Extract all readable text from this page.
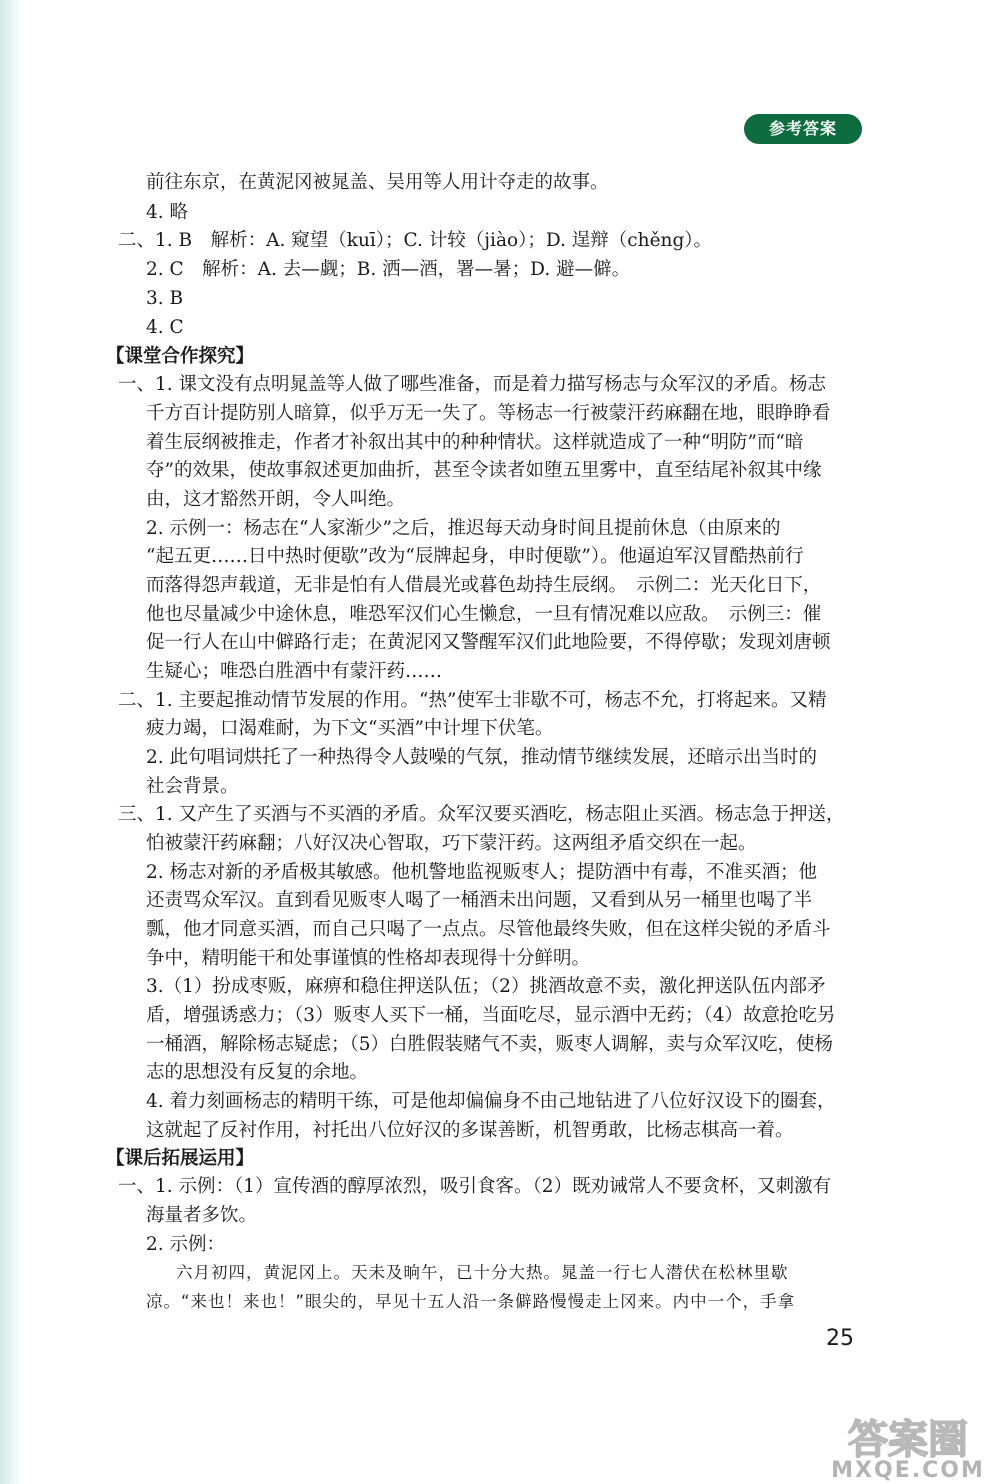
参考答案
前往东京，在黄泥冈被晁盖、吴用等人用计夺走的故事。
4. 略
二、1. B　解析：A. 窥望（kuī）；C. 计较（jiào）；D. 逞辩（chěng）。
2. C　解析：A. 去—觑；B. 洒—酒，署—暑；D. 避—僻。
3. B
4. C
【课堂合作探究】
一、1. 课文没有点明晁盖等人做了哪些准备，而是着力描写杨志与众军汉的矛盾。杨志
千方百计提防别人暗算，似乎万无一失了。等杨志一行被蒙汗药麻翻在地，眼睁睁看
着生辰纲被推走，作者才补叙出其中的种种情状。这样就造成了一种“明防”而“暗
夺”的效果，使故事叙述更加曲折，甚至令读者如堕五里雾中，直至结尾补叙其中缘
由，这才豁然开朗，令人叫绝。
2. 示例一：杨志在“人家渐少”之后，推迟每天动身时间且提前休息（由原来的
“起五更……日中热时便歇”改为“辰牌起身，申时便歇”）。他逼迫军汉冒酷热前行
而落得怨声载道，无非是怕有人借晨光或暮色劫持生辰纲。　示例二：光天化日下，
他也尽量减少中途休息，唯恐军汉们心生懒怠，一旦有情况难以应敌。　示例三：催
促一行人在山中僻路行走；在黄泥冈又警醒军汉们此地险要，不得停歇；发现刘唐顿
生疑心；唯恐白胜酒中有蒙汗药……
二、1. 主要起推动情节发展的作用。“热”使军士非歇不可，杨志不允，打将起来。又精
疲力竭，口渴难耐，为下文“买酒”中计埋下伏笔。
2. 此句唱词烘托了一种热得令人鼓噪的气氛，推动情节继续发展，还暗示出当时的
社会背景。
三、1. 又产生了买酒与不买酒的矛盾。众军汉要买酒吃，杨志阻止买酒。杨志急于押送，
怕被蒙汗药麻翻；八好汉决心智取，巧下蒙汗药。这两组矛盾交织在一起。
2. 杨志对新的矛盾极其敏感。他机警地监视贩枣人；提防酒中有毒，不准买酒；他
还责骂众军汉。直到看见贩枣人喝了一桶酒未出问题，又看到从另一桶里也喝了半
瓢，他才同意买酒，而自己只喝了一点点。尽管他最终失败，但在这样尖锐的矛盾斗
争中，精明能干和处事谨慎的性格却表现得十分鲜明。
3.（1）扮成枣贩，麻痹和稳住押送队伍；（2）挑酒故意不卖，激化押送队伍内部矛
盾，增强诱惑力；（3）贩枣人买下一桶，当面吃尽，显示酒中无药；（4）故意抢吃另
一桶酒，解除杨志疑虑；（5）白胜假装赌气不卖，贩枣人调解，卖与众军汉吃，使杨
志的思想没有反复的余地。
4. 着力刻画杨志的精明干练，可是他却偏偏身不由己地钻进了八位好汉设下的圈套，
这就起了反衬作用，衬托出八位好汉的多谋善断，机智勇敢，比杨志棋高一着。
【课后拓展运用】
一、1. 示例：（1）宣传酒的醇厚浓烈，吸引食客。（2）既劝诫常人不要贪杯，又刺激有
海量者多饮。
2. 示例：
六月初四，黄泥冈上。天未及晌午，已十分大热。晁盖一行七人潜伏在松林里歇
凉。“来也！来也！”眼尖的，早见十五人沿一条僻路慢慢走上冈来。内中一个，手拿
25
答案圈
MXQE.COM
